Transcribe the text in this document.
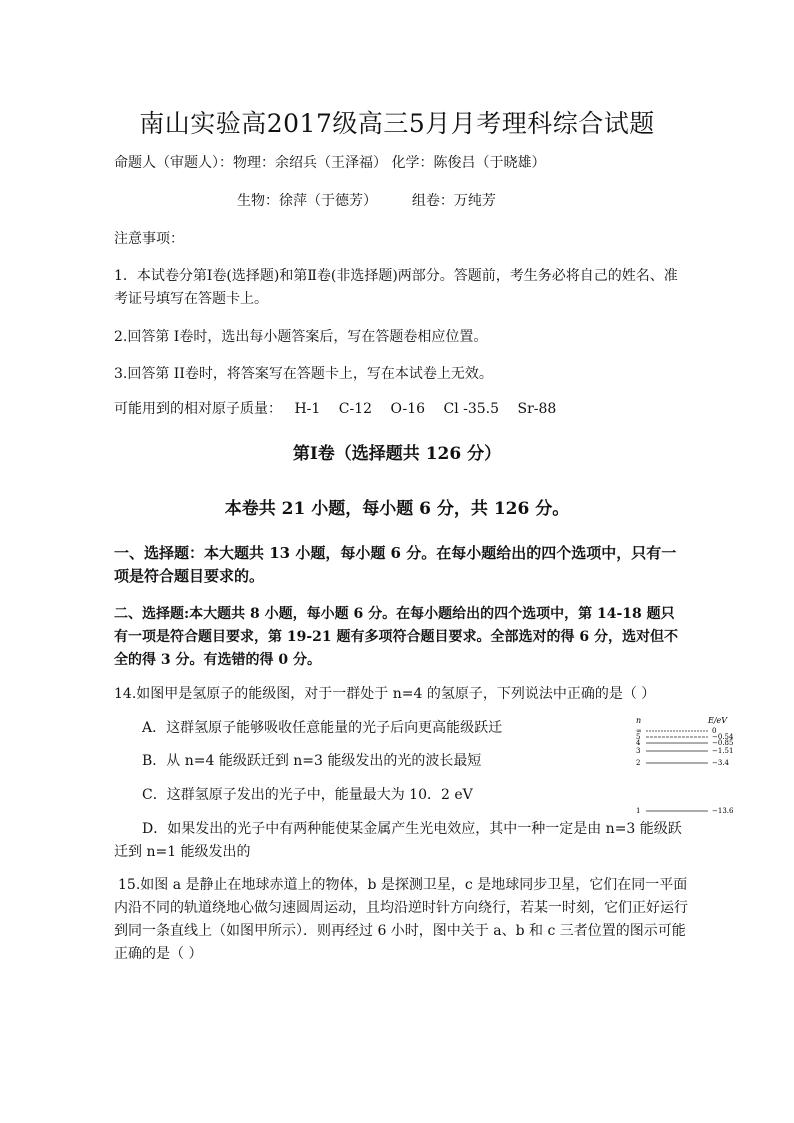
南山实验高2017级高三5月月考理科综合试题
命题人（审题人）：物理：余绍兵（王泽福） 化学：陈俊吕（于晓雄）
生物：徐萍（于德芳） 组卷：万纯芳
注意事项：
1．本试卷分第Ⅰ卷(选择题)和第Ⅱ卷(非选择题)两部分。答题前，考生务必将自己的姓名、准考证号填写在答题卡上。
2.回答第 I卷时，选出每小题答案后，写在答题卷相应位置。
3.回答第 II卷时，将答案写在答题卡上，写在本试卷上无效。
可能用到的相对原子质量： H-1 C-12 O-16 Cl -35.5 Sr-88
第Ⅰ卷（选择题共 126 分）
本卷共 21 小题，每小题 6 分，共 126 分。
一、选择题：本大题共 13 小题，每小题 6 分。在每小题给出的四个选项中，只有一项是符合题目要求的。
二、选择题:本大题共 8 小题，每小题 6 分。在每小题给出的四个选项中，第 14-18 题只有一项是符合题目要求，第 19-21 题有多项符合题目要求。全部选对的得 6 分，选对但不全的得 3 分。有选错的得 0 分。
14.如图甲是氢原子的能级图，对于一群处于 n=4 的氢原子，下列说法中正确的是（ ）
A．这群氢原子能够吸收任意能量的光子后向更高能级跃迁
B．从 n=4 能级跃迁到 n=3 能级发出的光的波长最短
C．这群氢原子发出的光子中，能量最大为 10．2 eV
D．如果发出的光子中有两种能使某金属产生光电效应，其中一种一定是由 n=3 能级跃迁到 n=1 能级发出的
n	E/eV
∞	0
5	−0.54
4	−0.85
3	−1.51
2	−3.4
1	−13.6
15.如图 a 是静止在地球赤道上的物体，b 是探测卫星，c 是地球同步卫星，它们在同一平面内沿不同的轨道绕地心做匀速圆周运动，且均沿逆时针方向绕行，若某一时刻，它们正好运行到同一条直线上（如图甲所示）．则再经过 6 小时，图中关于 a、b 和 c 三者位置的图示可能正确的是（ ）
